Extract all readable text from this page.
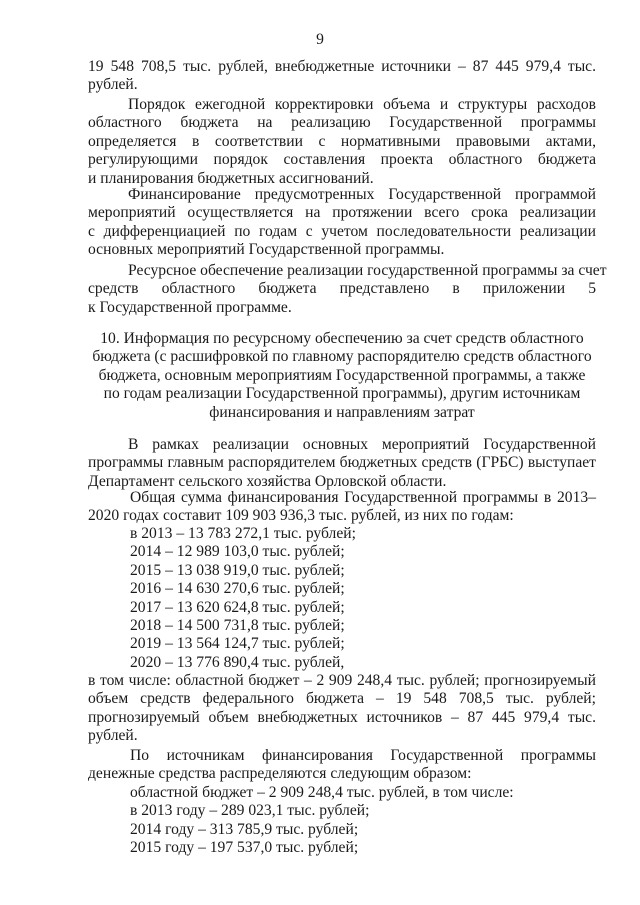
9
19 548 708,5 тыс. рублей, внебюджетные источники – 87 445 979,4 тыс.
рублей.
Порядок ежегодной корректировки объема и структуры расходов
областного бюджета на реализацию Государственной программы
определяется в соответствии с нормативными правовыми актами,
регулирующими порядок составления проекта областного бюджета
и планирования бюджетных ассигнований.
Финансирование предусмотренных Государственной программой
мероприятий осуществляется на протяжении всего срока реализации
с дифференциацией по годам с учетом последовательности реализации
основных мероприятий Государственной программы.
Ресурсное обеспечение реализации государственной программы за счет
средств областного бюджета представлено в приложении 5
к Государственной программе.
10. Информация по ресурсному обеспечению за счет средств областного
бюджета (с расшифровкой по главному распорядителю средств областного
бюджета, основным мероприятиям Государственной программы, а также
по годам реализации Государственной программы), другим источникам
финансирования и направлениям затрат
В рамках реализации основных мероприятий Государственной
программы главным распорядителем бюджетных средств (ГРБС) выступает
Департамент сельского хозяйства Орловской области.
Общая сумма финансирования Государственной программы в 2013–
2020 годах составит 109 903 936,3 тыс. рублей, из них по годам:
в 2013 – 13 783 272,1 тыс. рублей;
2014 – 12 989 103,0 тыс. рублей;
2015 – 13 038 919,0 тыс. рублей;
2016 – 14 630 270,6 тыс. рублей;
2017 – 13 620 624,8 тыс. рублей;
2018 – 14 500 731,8 тыс. рублей;
2019 – 13 564 124,7 тыс. рублей;
2020 – 13 776 890,4 тыс. рублей,
в том числе: областной бюджет – 2 909 248,4 тыс. рублей; прогнозируемый
объем средств федерального бюджета – 19 548 708,5 тыс. рублей;
прогнозируемый объем внебюджетных источников – 87 445 979,4 тыс.
рублей.
По источникам финансирования Государственной программы
денежные средства распределяются следующим образом:
областной бюджет – 2 909 248,4 тыс. рублей, в том числе:
в 2013 году – 289 023,1 тыс. рублей;
2014 году – 313 785,9 тыс. рублей;
2015 году – 197 537,0 тыс. рублей;
